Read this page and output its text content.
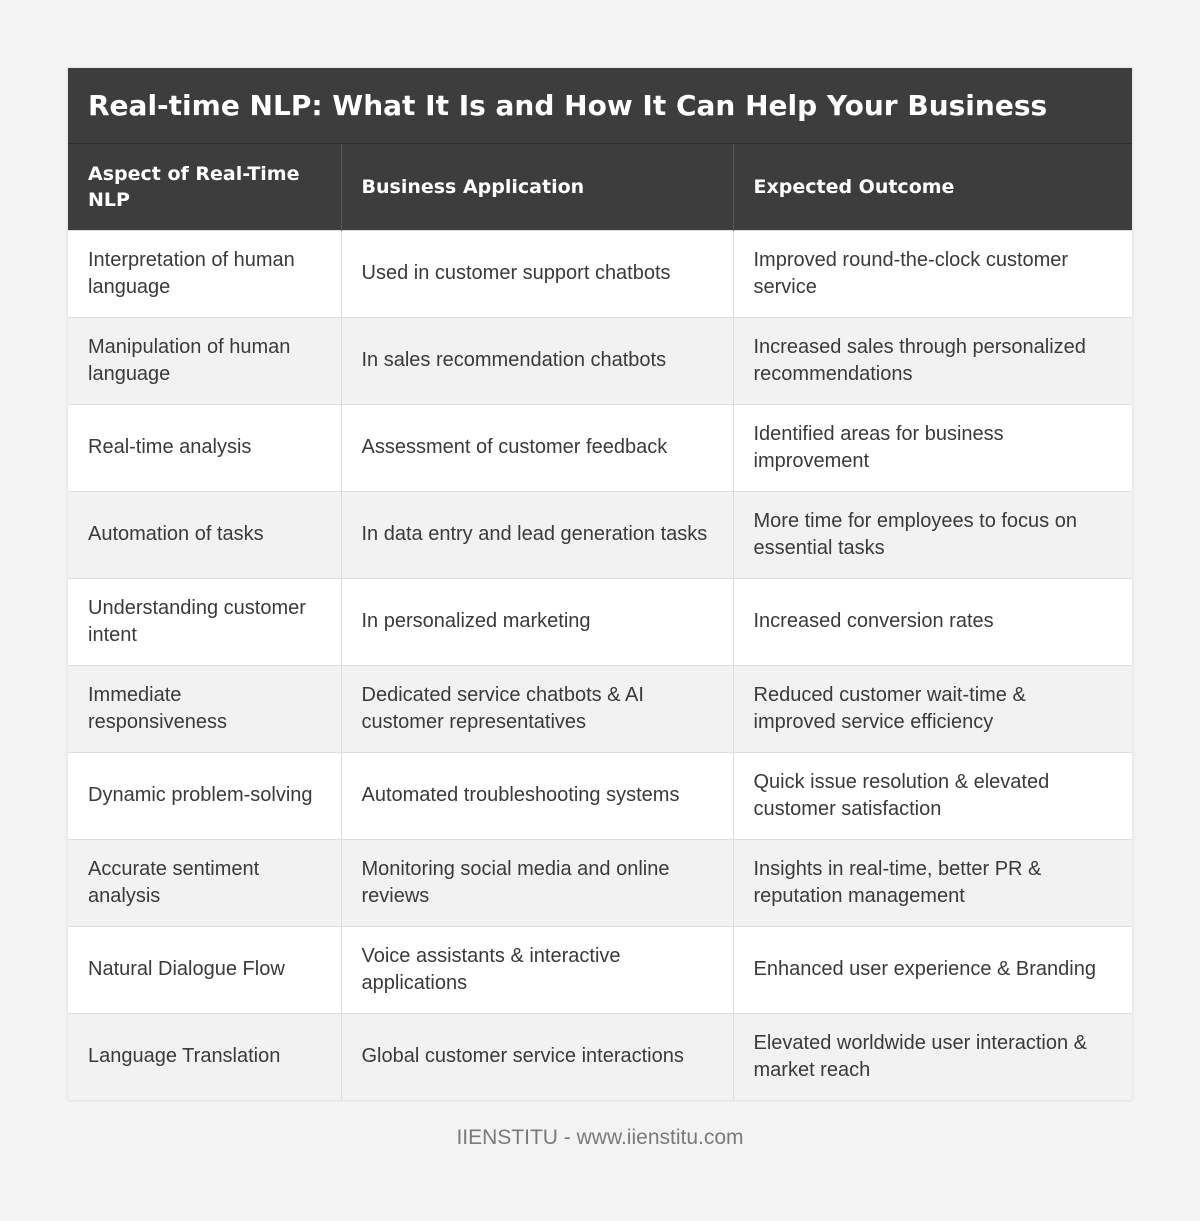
Real-time NLP: What It Is and How It Can Help Your Business
Aspect of Real-Time NLP	Business Application	Expected Outcome
Interpretation of human language	Used in customer support chatbots	Improved round-the-clock customer service
Manipulation of human language	In sales recommendation chatbots	Increased sales through personalized recommendations
Real-time analysis	Assessment of customer feedback	Identified areas for business improvement
Automation of tasks	In data entry and lead generation tasks	More time for employees to focus on essential tasks
Understanding customer intent	In personalized marketing	Increased conversion rates
Immediate responsiveness	Dedicated service chatbots & AI customer representatives	Reduced customer wait-time & improved service efficiency
Dynamic problem-solving	Automated troubleshooting systems	Quick issue resolution & elevated customer satisfaction
Accurate sentiment analysis	Monitoring social media and online reviews	Insights in real-time, better PR & reputation management
Natural Dialogue Flow	Voice assistants & interactive applications	Enhanced user experience & Branding
Language Translation	Global customer service interactions	Elevated worldwide user interaction & market reach
IIENSTITU - www.iienstitu.com
